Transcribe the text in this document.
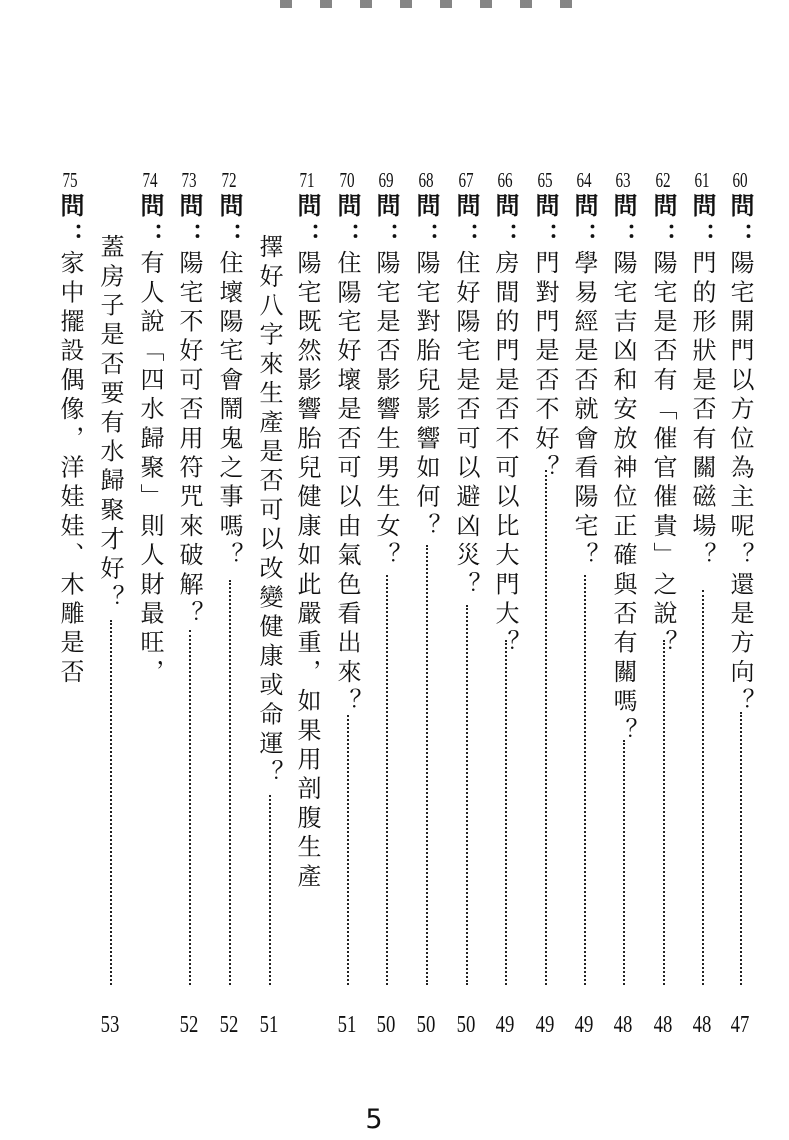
60
問：
陽宅開門以方位為主呢？還是方向？
47
61
問：
門的形狀是否有關磁場？
48
62
問：
陽宅是否有「催官催貴」之說？
48
63
問：
陽宅吉凶和安放神位正確與否有關嗎？
48
64
問：
學易經是否就會看陽宅？
49
65
問：
門對門是否不好？
49
66
問：
房間的門是否不可以比大門大？
49
67
問：
住好陽宅是否可以避凶災？
50
68
問：
陽宅對胎兒影響如何？
50
69
問：
陽宅是否影響生男生女？
50
70
問：
住陽宅好壞是否可以由氣色看出來？
51
71
問：
陽宅既然影響胎兒健康如此嚴重，如果用剖腹生產
擇好八字來生產是否可以改變健康或命運？
51
72
問：
住壞陽宅會鬧鬼之事嗎？
52
73
問：
陽宅不好可否用符咒來破解？
52
74
問：
有人說「四水歸聚」則人財最旺，
蓋房子是否要有水歸聚才好？
53
75
問：
家中擺設偶像，洋娃娃、木雕是否
5
